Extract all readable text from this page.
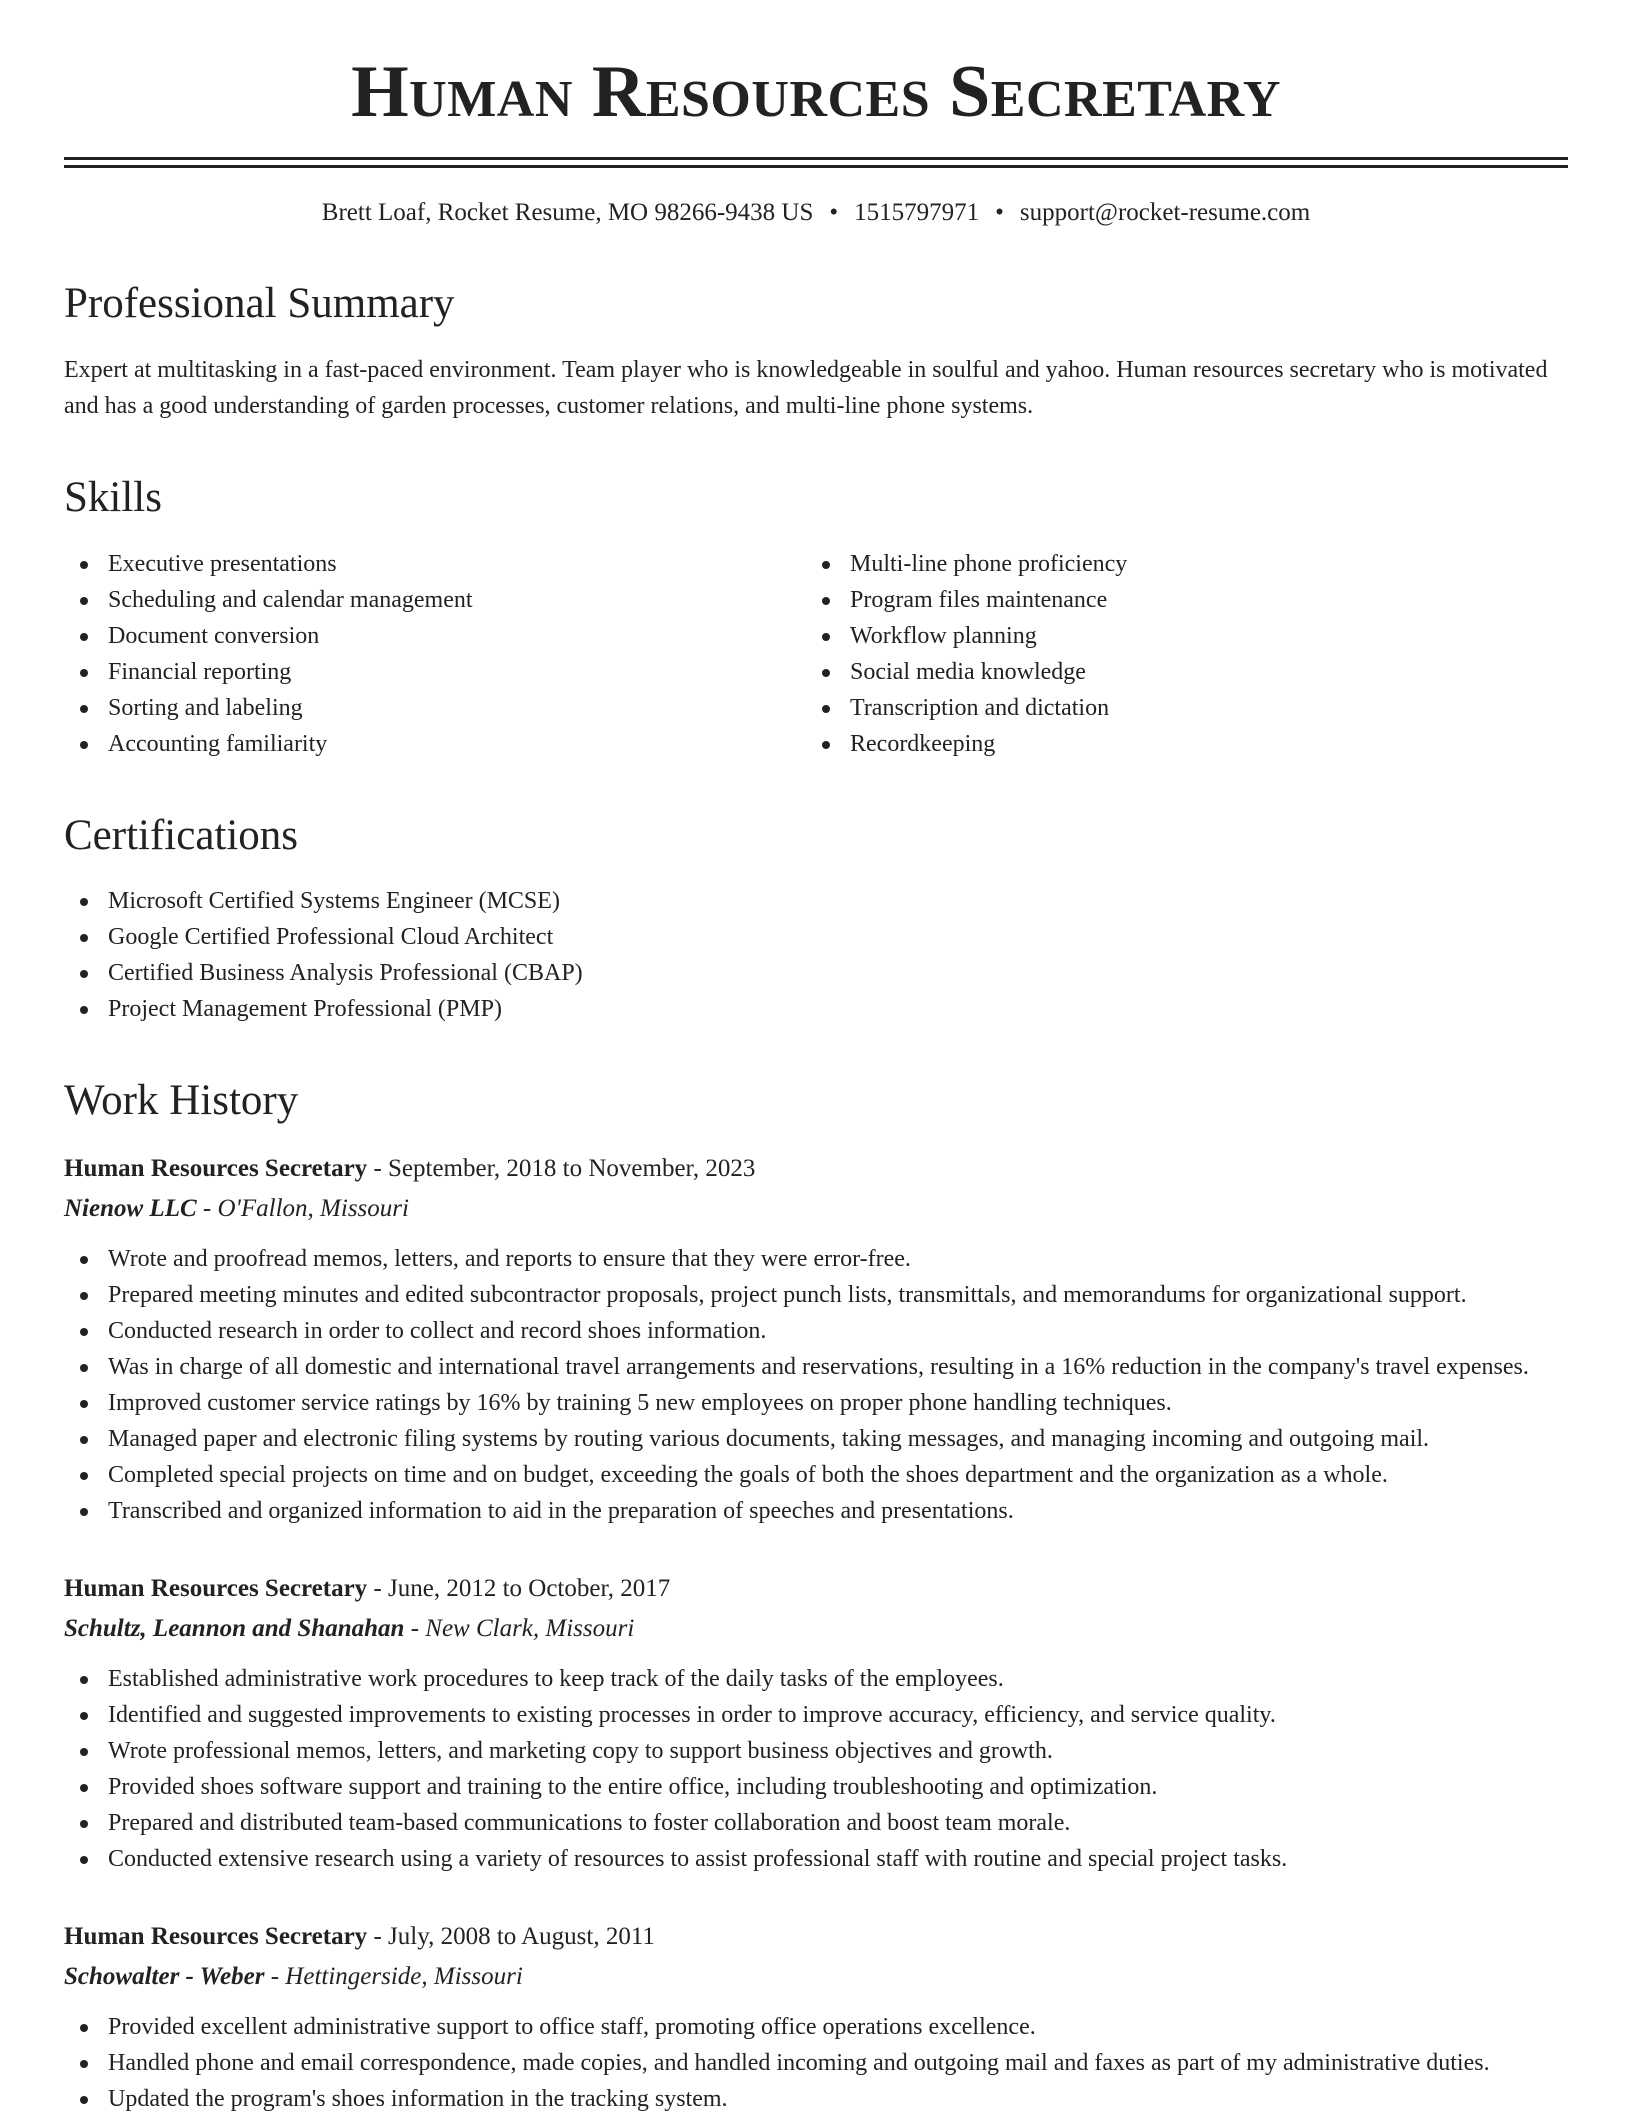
Human Resources Secretary
Brett Loaf, Rocket Resume, MO 98266-9438 US • 1515797971 • support@rocket-resume.com
Professional Summary

Expert at multitasking in a fast-paced environment. Team player who is knowledgeable in soulful and yahoo. Human resources secretary who is motivated and has a good understanding of garden processes, customer relations, and multi-line phone systems.

Skills
Executive presentations
Scheduling and calendar management
Document conversion
Financial reporting
Sorting and labeling
Accounting familiarity
Multi-line phone proficiency
Program files maintenance
Workflow planning
Social media knowledge
Transcription and dictation
Recordkeeping
Certifications
Microsoft Certified Systems Engineer (MCSE)
Google Certified Professional Cloud Architect
Certified Business Analysis Professional (CBAP)
Project Management Professional (PMP)
Work History
Human Resources Secretary - September, 2018 to November, 2023
Nienow LLC - O'Fallon, Missouri
Wrote and proofread memos, letters, and reports to ensure that they were error-free.
Prepared meeting minutes and edited subcontractor proposals, project punch lists, transmittals, and memorandums for organizational support.
Conducted research in order to collect and record shoes information.
Was in charge of all domestic and international travel arrangements and reservations, resulting in a 16% reduction in the company's travel expenses.
Improved customer service ratings by 16% by training 5 new employees on proper phone handling techniques.
Managed paper and electronic filing systems by routing various documents, taking messages, and managing incoming and outgoing mail.
Completed special projects on time and on budget, exceeding the goals of both the shoes department and the organization as a whole.
Transcribed and organized information to aid in the preparation of speeches and presentations.
Human Resources Secretary - June, 2012 to October, 2017
Schultz, Leannon and Shanahan - New Clark, Missouri
Established administrative work procedures to keep track of the daily tasks of the employees.
Identified and suggested improvements to existing processes in order to improve accuracy, efficiency, and service quality.
Wrote professional memos, letters, and marketing copy to support business objectives and growth.
Provided shoes software support and training to the entire office, including troubleshooting and optimization.
Prepared and distributed team-based communications to foster collaboration and boost team morale.
Conducted extensive research using a variety of resources to assist professional staff with routine and special project tasks.
Human Resources Secretary - July, 2008 to August, 2011
Schowalter - Weber - Hettingerside, Missouri
Provided excellent administrative support to office staff, promoting office operations excellence.
Handled phone and email correspondence, made copies, and handled incoming and outgoing mail and faxes as part of my administrative duties.
Updated the program's shoes information in the tracking system.
